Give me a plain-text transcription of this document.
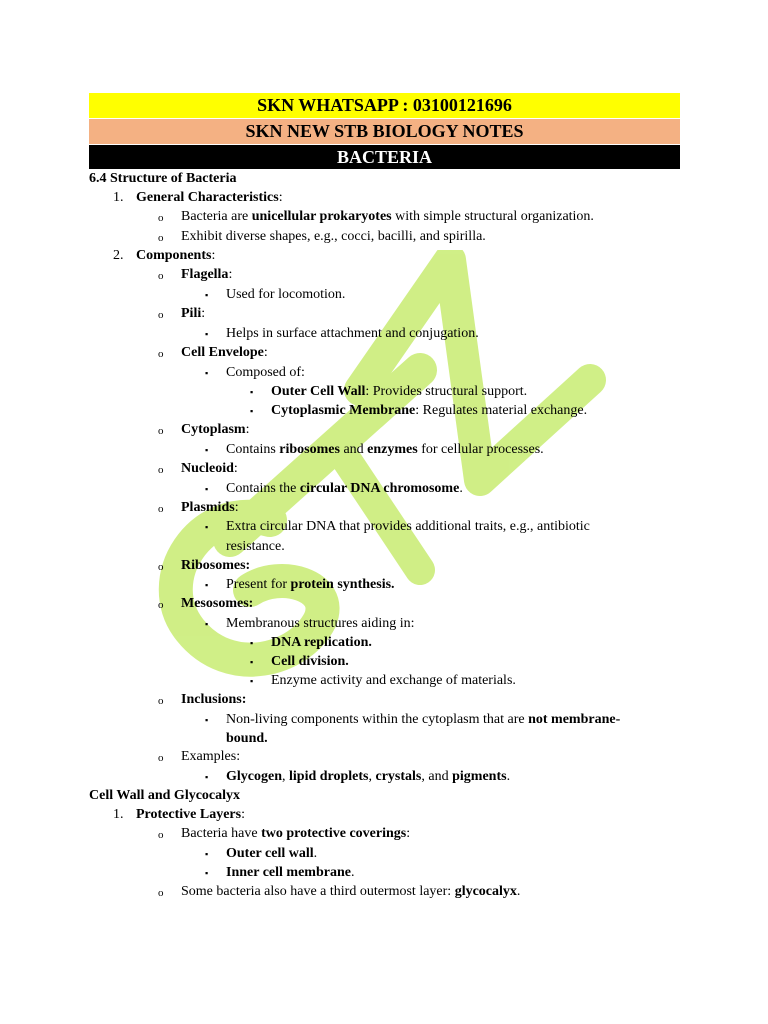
SKN WHATSAPP : 03100121696
SKN NEW STB BIOLOGY NOTES
BACTERIA
6.4 Structure of Bacteria
1. General Characteristics:
o Bacteria are unicellular prokaryotes with simple structural organization.
o Exhibit diverse shapes, e.g., cocci, bacilli, and spirilla.
2. Components:
o Flagella:
▪ Used for locomotion.
o Pili:
▪ Helps in surface attachment and conjugation.
o Cell Envelope:
▪ Composed of:
▪ Outer Cell Wall: Provides structural support.
▪ Cytoplasmic Membrane: Regulates material exchange.
o Cytoplasm:
▪ Contains ribosomes and enzymes for cellular processes.
o Nucleoid:
▪ Contains the circular DNA chromosome.
o Plasmids:
▪ Extra circular DNA that provides additional traits, e.g., antibiotic
resistance.
o Ribosomes:
▪ Present for protein synthesis.
o Mesosomes:
▪ Membranous structures aiding in:
▪ DNA replication.
▪ Cell division.
▪ Enzyme activity and exchange of materials.
o Inclusions:
▪ Non-living components within the cytoplasm that are not membrane-
bound.
o Examples:
▪ Glycogen, lipid droplets, crystals, and pigments.
Cell Wall and Glycocalyx
1. Protective Layers:
o Bacteria have two protective coverings:
▪ Outer cell wall.
▪ Inner cell membrane.
o Some bacteria also have a third outermost layer: glycocalyx.
